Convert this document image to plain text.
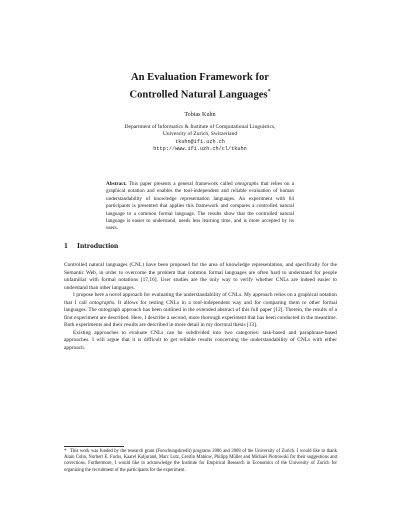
An Evaluation Framework for
Controlled Natural Languages*
Tobias Kuhn
Department of Informatics & Institute of Computational Linguistics,
University of Zurich, Switzerland
tkuhn@ifi.uzh.ch
http://www.ifi.uzh.ch/cl/tkuhn
Abstract. This paper presents a general framework called ontographs that relies on a graphical notation and enables the tool-independent and reliable evaluation of human understandability of knowledge representation languages. An experiment with 64 participants is presented that applies this framework and compares a controlled natural language to a common formal language. The results show that the controlled natural language is easier to understand, needs less learning time, and is more accepted by its users.
1 Introduction

Controlled natural languages (CNL) have been proposed for the area of knowledge representation, and specifically for the Semantic Web, in order to overcome the problem that common formal languages are often hard to understand for people unfamiliar with formal notations [17,16]. User studies are the only way to verify whether CNLs are indeed easier to understand than other languages.

I propose here a novel approach for evaluating the understandability of CNLs. My approach relies on a graphical notation that I call ontographs. It allows for testing CNLs in a tool-independent way and for comparing them to other formal languages. The ontograph approach has been outlined in the extended abstract of this full paper [12]. Therein, the results of a first experiment are described. Here, I describe a second, more thorough experiment that has been conducted in the meantime. Both experiments and their results are described in more detail in my doctoral thesis [13].

Existing approaches to evaluate CNLs can be subdivided into two categories: task-based and paraphrase-based approaches. I will argue that it is difficult to get reliable results concerning the understandability of CNLs with either approach.

* This work was funded by the research grant (Forschungskredit) programs 2006 and 2008 of the University of Zurich. I would like to thank Alain Cohn, Norbert E. Fuchs, Kaarel Kaljurand, Marc Lutz, Cerstin Mahlow, Philipp Müller and Michael Piotrowski for their suggestions and corrections. Furthermore, I would like to acknowledge the Institute for Empirical Research in Economics of the University of Zurich for organizing the recruitment of the participants for the experiment.
